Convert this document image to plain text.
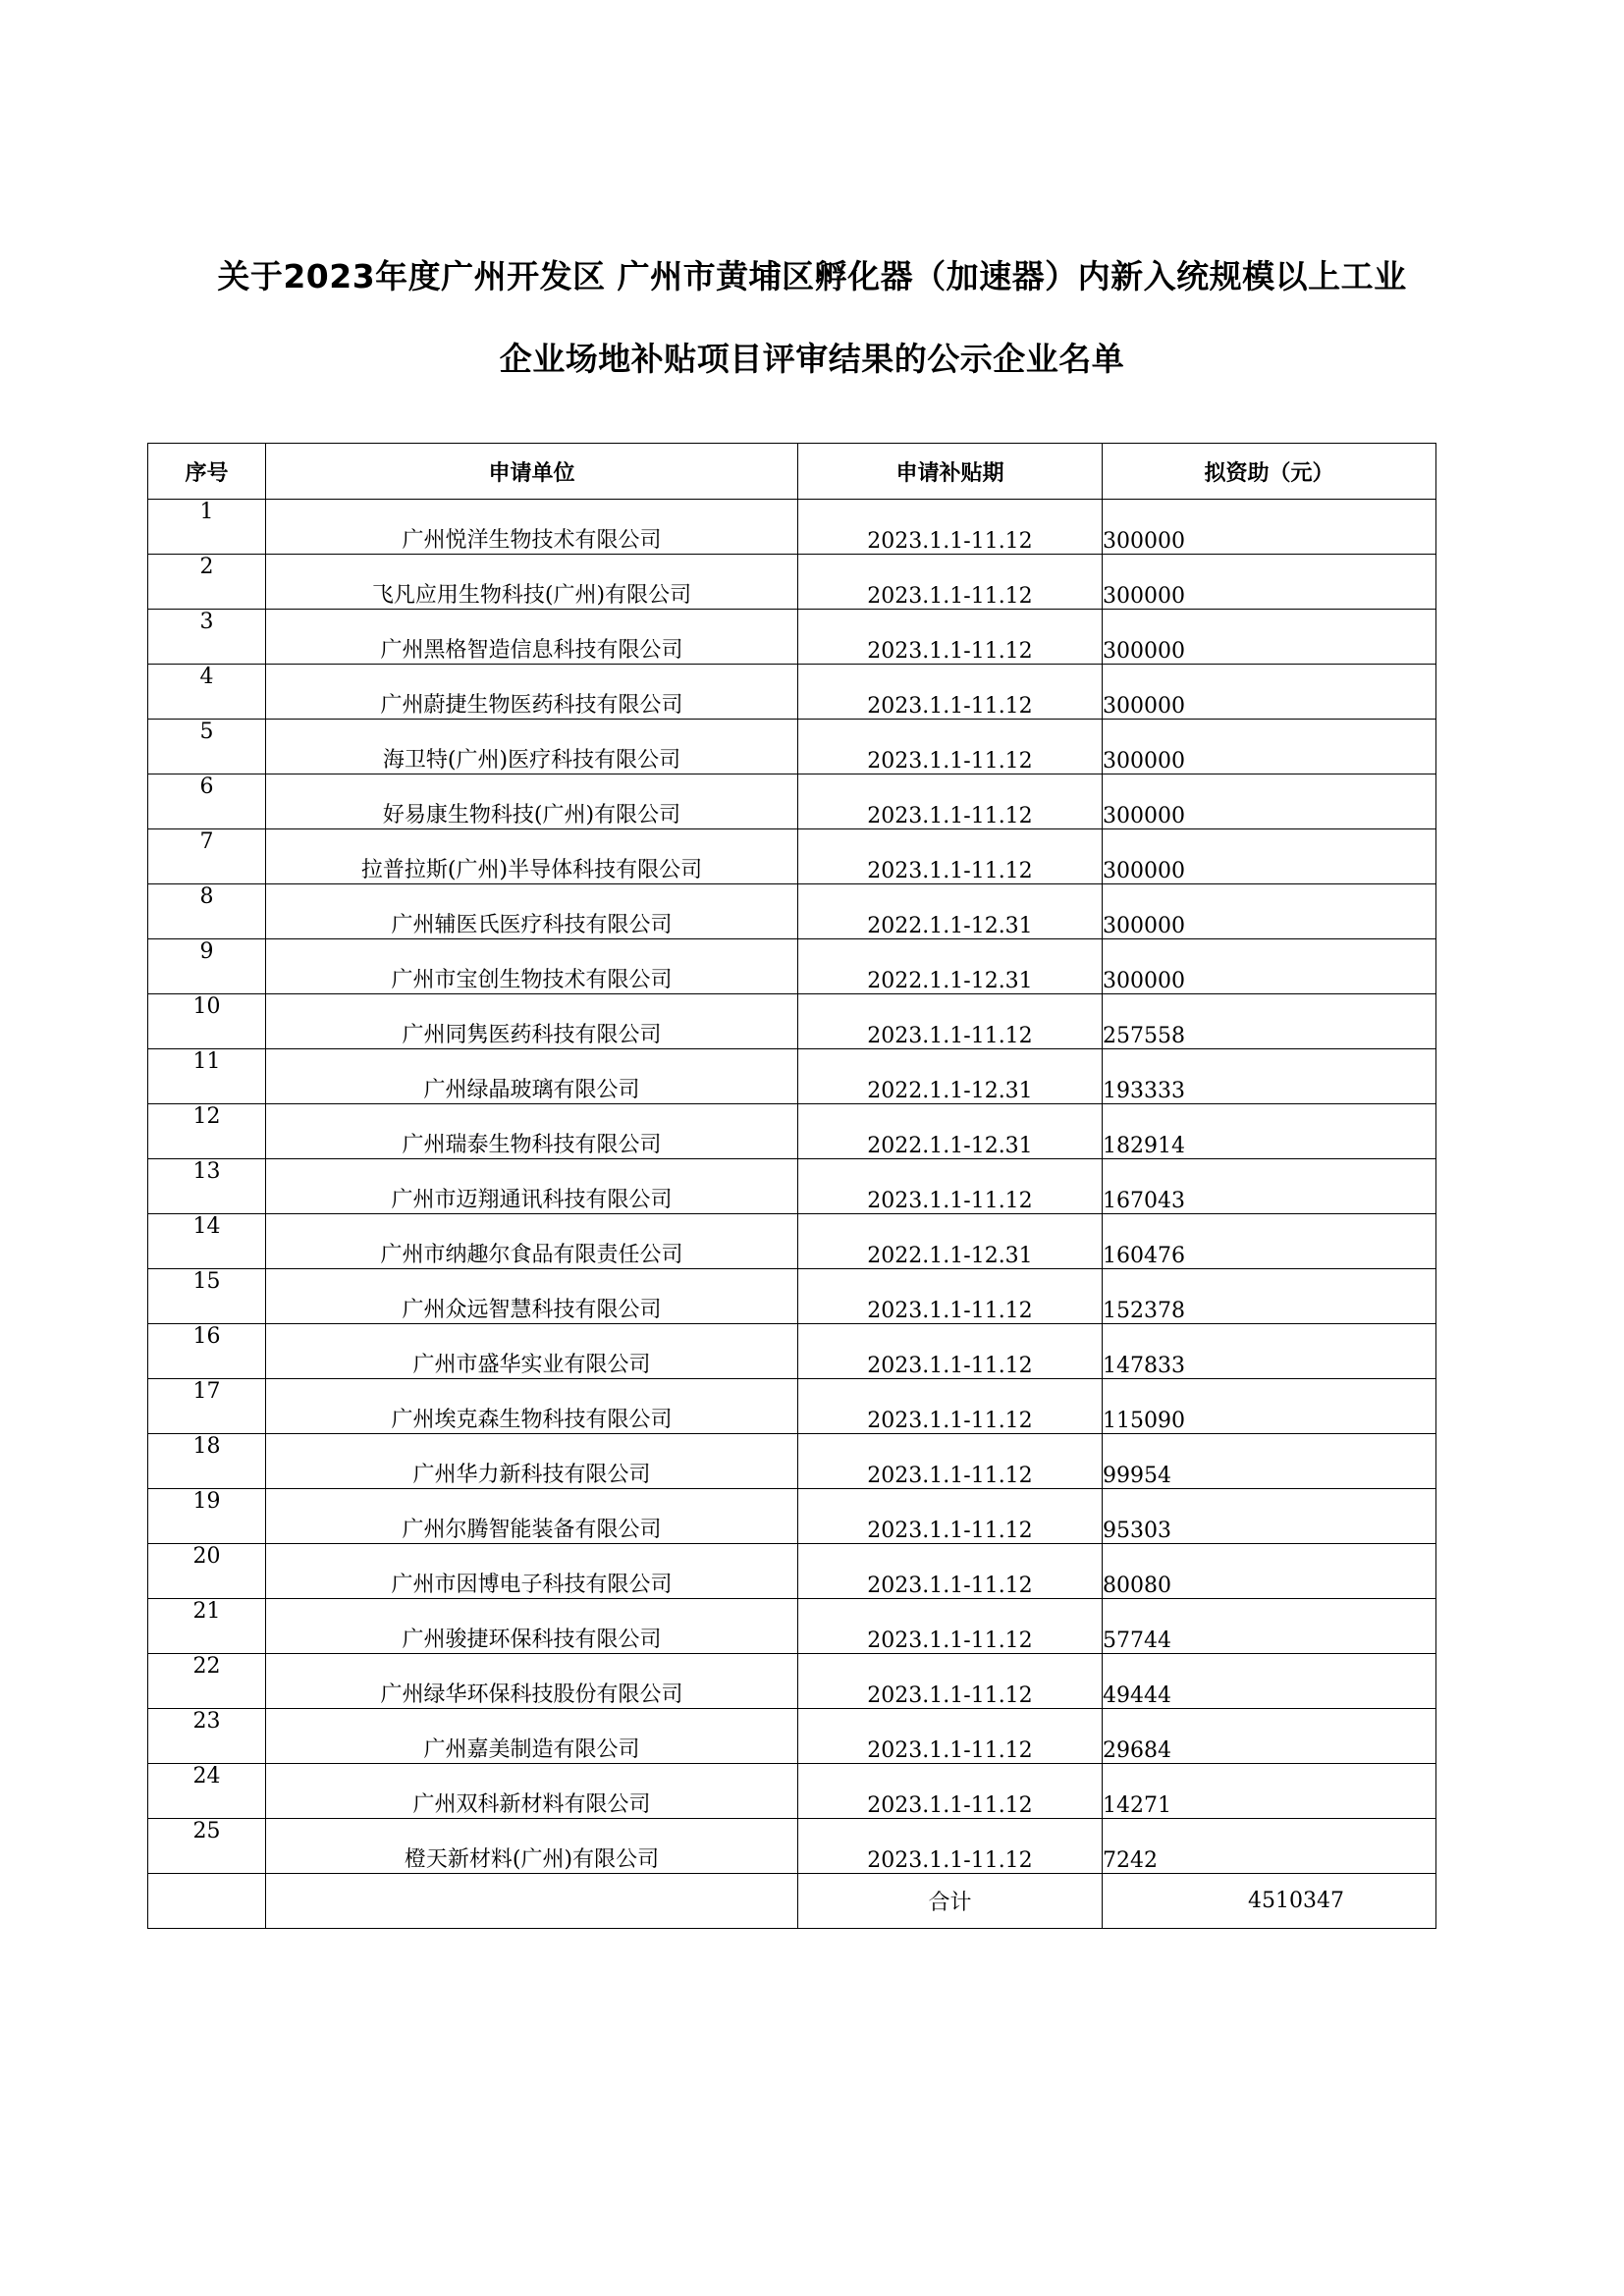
关于2023年度广州开发区 广州市黄埔区孵化器（加速器）内新入统规模以上工业
企业场地补贴项目评审结果的公示企业名单
序号	申请单位	申请补贴期	拟资助（元）
1	广州悦洋生物技术有限公司	2023.1.1-11.12	300000
2	飞凡应用生物科技(广州)有限公司	2023.1.1-11.12	300000
3	广州黑格智造信息科技有限公司	2023.1.1-11.12	300000
4	广州蔚捷生物医药科技有限公司	2023.1.1-11.12	300000
5	海卫特(广州)医疗科技有限公司	2023.1.1-11.12	300000
6	好易康生物科技(广州)有限公司	2023.1.1-11.12	300000
7	拉普拉斯(广州)半导体科技有限公司	2023.1.1-11.12	300000
8	广州辅医氏医疗科技有限公司	2022.1.1-12.31	300000
9	广州市宝创生物技术有限公司	2022.1.1-12.31	300000
10	广州同隽医药科技有限公司	2023.1.1-11.12	257558
11	广州绿晶玻璃有限公司	2022.1.1-12.31	193333
12	广州瑞泰生物科技有限公司	2022.1.1-12.31	182914
13	广州市迈翔通讯科技有限公司	2023.1.1-11.12	167043
14	广州市纳趣尔食品有限责任公司	2022.1.1-12.31	160476
15	广州众远智慧科技有限公司	2023.1.1-11.12	152378
16	广州市盛华实业有限公司	2023.1.1-11.12	147833
17	广州埃克森生物科技有限公司	2023.1.1-11.12	115090
18	广州华力新科技有限公司	2023.1.1-11.12	99954
19	广州尔腾智能装备有限公司	2023.1.1-11.12	95303
20	广州市因博电子科技有限公司	2023.1.1-11.12	80080
21	广州骏捷环保科技有限公司	2023.1.1-11.12	57744
22	广州绿华环保科技股份有限公司	2023.1.1-11.12	49444
23	广州嘉美制造有限公司	2023.1.1-11.12	29684
24	广州双科新材料有限公司	2023.1.1-11.12	14271
25	橙天新材料(广州)有限公司	2023.1.1-11.12	7242
		合计	4510347
